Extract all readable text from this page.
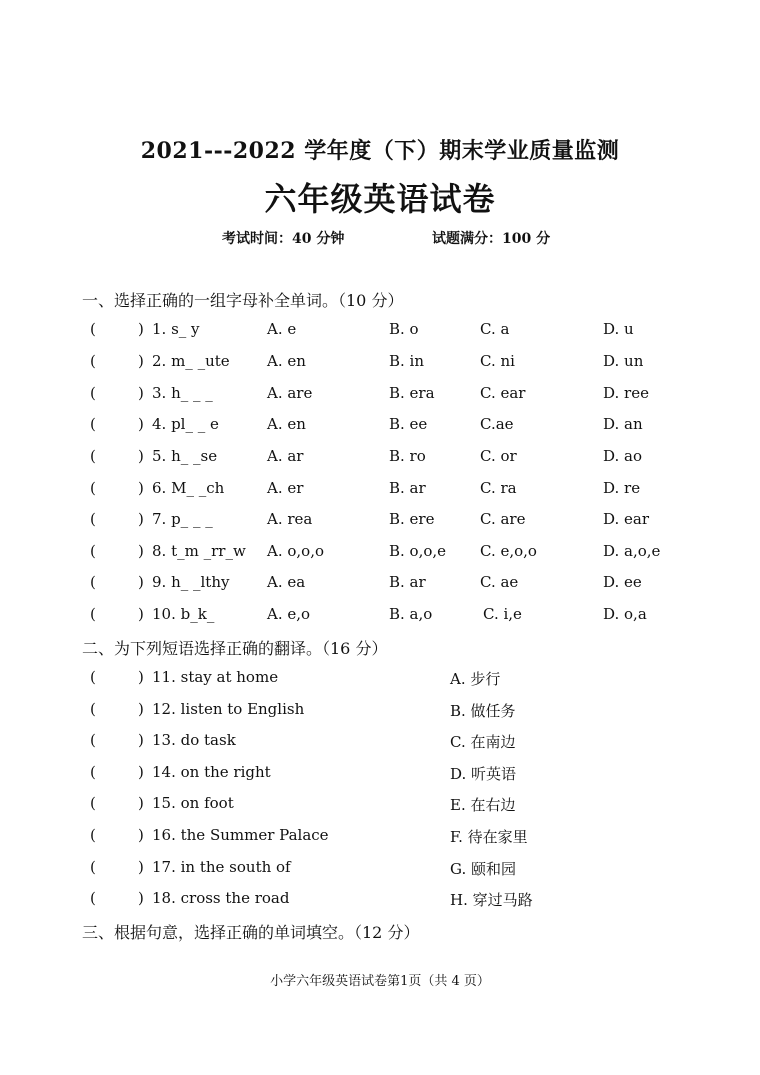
2021---2022 学年度（下）期末学业质量监测
六年级英语试卷
考试时间：40 分钟	试题满分：100 分
一、选择正确的一组字母补全单词。（10 分）
(	) 1. s_ y	A. e	B. o	C. a	D. u
(	) 2. m_ _ute A. en	B. in	C. ni	D. un
(	) 3. h_ _ _	A. are	B. era	C. ear	D. ree
(	) 4. pl_ _ e	A. en	B. ee	C.ae	D. an
(	) 5. h_ _se	A. ar	B. ro	C. or	D. ao
(	) 6. M_ _ch	A. er	B. ar	C. ra	D. re
(	) 7. p_ _ _	A. rea	B. ere	C. are	D. ear
(	) 8. t_m _rr_w A. o,o,o	B. o,o,e C. e,o,o	D. a,o,e
(	) 9. h_ _lthy	A. ea	B. ar	C. ae	D. ee
(	) 10. b_k_	A. e,o	B. a,o	C. i,e	D. o,a
二、为下列短语选择正确的翻译。（16 分）
(	) 11. stay at home	A. 步行
(	) 12. listen to English	B. 做任务
(	) 13. do task	C. 在南边
(	) 14. on the right	D. 听英语
(	) 15. on foot	E. 在右边
(	) 16. the Summer Palace	F. 待在家里
(	) 17. in the south of	G. 颐和园
(	) 18. cross the road	H. 穿过马路
三、根据句意，选择正确的单词填空。（12 分）
小学六年级英语试卷第1页（共 4 页）
